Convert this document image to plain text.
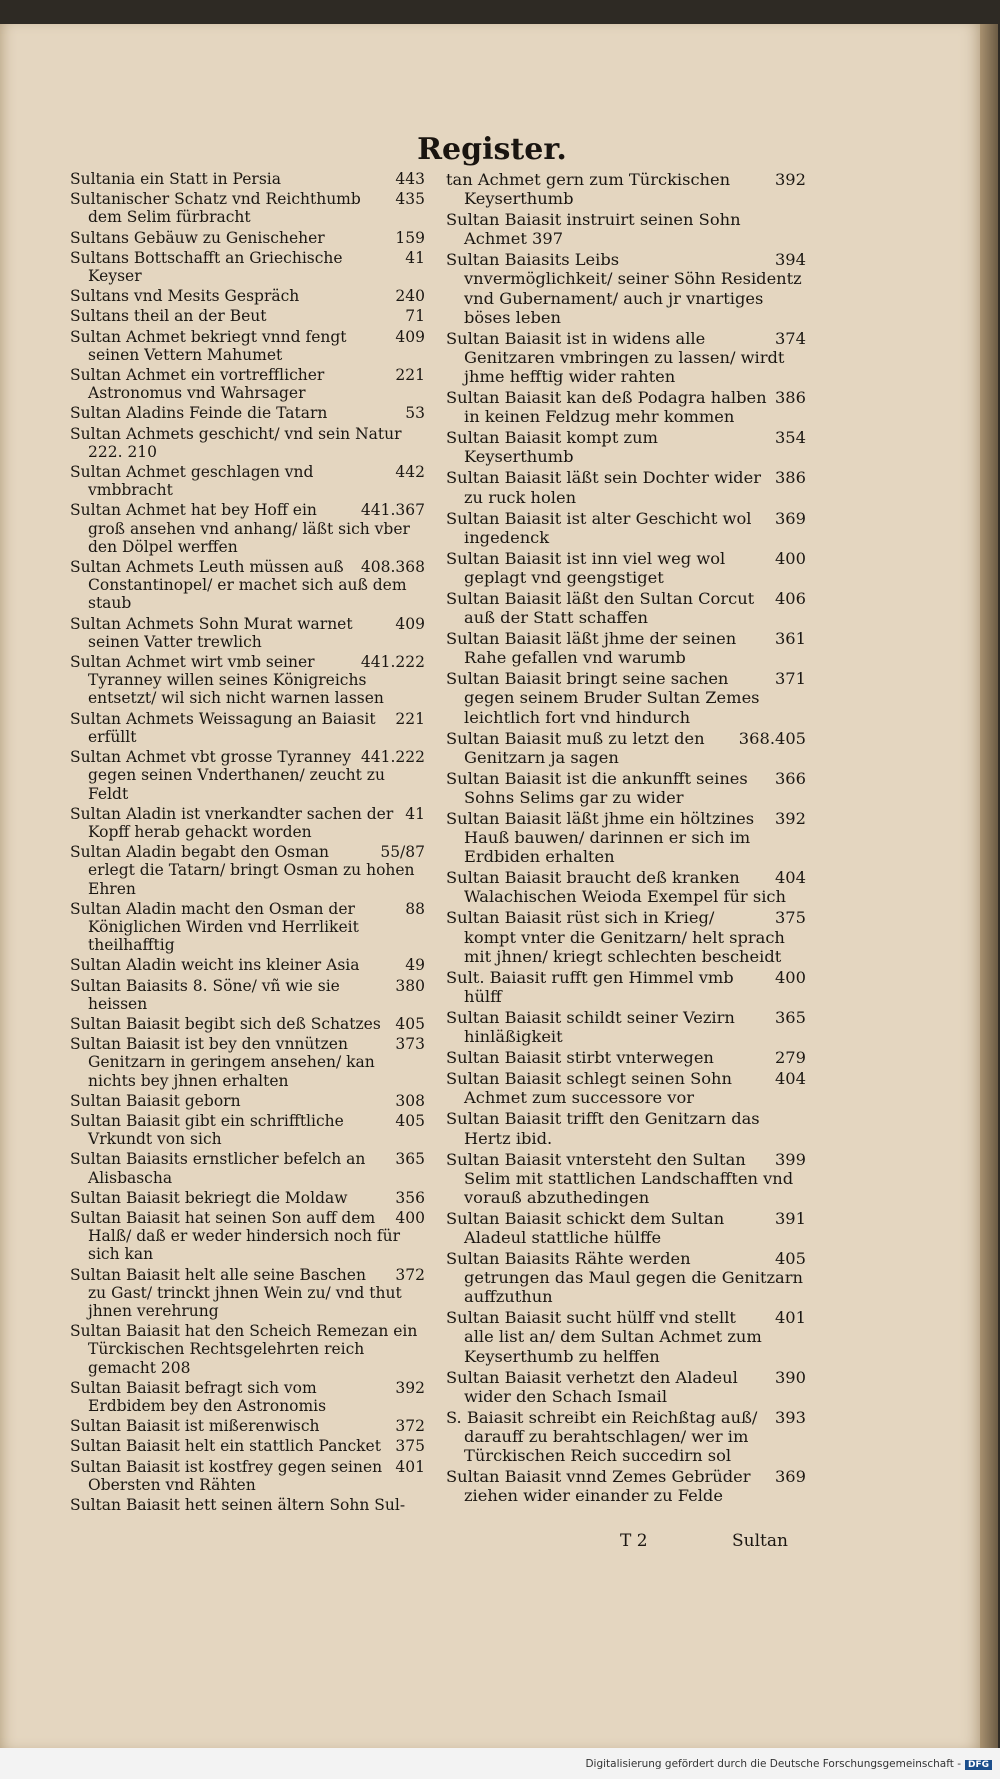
Register.
443
Sultania ein Statt in Persia
435
Sultanischer Schatz vnd Reichthumb dem Selim fürbracht
159
Sultans Gebäuw zu Genischeher
41
Sultans Bottschafft an Griechische Keyser
240
Sultans vnd Mesits Gespräch
71
Sultans theil an der Beut
409
Sultan Achmet bekriegt vnnd fengt seinen Vettern Mahumet
221
Sultan Achmet ein vortrefflicher Astronomus vnd Wahrsager
53
Sultan Aladins Feinde die Tatarn
Sultan Achmets geschicht/ vnd sein Natur 222. 210
442
Sultan Achmet geschlagen vnd vmbbracht
441.367
Sultan Achmet hat bey Hoff ein groß ansehen vnd anhang/ läßt sich vber den Dölpel werffen
408.368
Sultan Achmets Leuth müssen auß Constantinopel/ er machet sich auß dem staub
409
Sultan Achmets Sohn Murat warnet seinen Vatter trewlich
441.222
Sultan Achmet wirt vmb seiner Tyranney willen seines Königreichs entsetzt/ wil sich nicht warnen lassen
221
Sultan Achmets Weissagung an Baiasit erfüllt
441.222
Sultan Achmet vbt grosse Tyranney gegen seinen Vnderthanen/ zeucht zu Feldt
41
Sultan Aladin ist vnerkandter sachen der Kopff herab gehackt worden
55/87
Sultan Aladin begabt den Osman erlegt die Tatarn/ bringt Osman zu hohen Ehren
88
Sultan Aladin macht den Osman der Königlichen Wirden vnd Herrlikeit theilhafftig
49
Sultan Aladin weicht ins kleiner Asia
380
Sultan Baiasits 8. Söne/ vñ wie sie heissen
405
Sultan Baiasit begibt sich deß Schatzes
373
Sultan Baiasit ist bey den vnnützen Genitzarn in geringem ansehen/ kan nichts bey jhnen erhalten
308
Sultan Baiasit geborn
405
Sultan Baiasit gibt ein schrifftliche Vrkundt von sich
365
Sultan Baiasits ernstlicher befelch an Alisbascha
356
Sultan Baiasit bekriegt die Moldaw
400
Sultan Baiasit hat seinen Son auff dem Halß/ daß er weder hindersich noch für sich kan
372
Sultan Baiasit helt alle seine Baschen zu Gast/ trinckt jhnen Wein zu/ vnd thut jhnen verehrung
Sultan Baiasit hat den Scheich Remezan ein Türckischen Rechtsgelehrten reich gemacht 208
392
Sultan Baiasit befragt sich vom Erdbidem bey den Astronomis
372
Sultan Baiasit ist mißerenwisch
375
Sultan Baiasit helt ein stattlich Pancket
401
Sultan Baiasit ist kostfrey gegen seinen Obersten vnd Rähten
Sultan Baiasit hett seinen ältern Sohn Sul-
392
tan Achmet gern zum Türckischen Keyserthumb
Sultan Baiasit instruirt seinen Sohn Achmet 397
394
Sultan Baiasits Leibs vnvermöglichkeit/ seiner Söhn Residentz vnd Gubernament/ auch jr vnartiges böses leben
374
Sultan Baiasit ist in widens alle Genitzaren vmbringen zu lassen/ wirdt jhme hefftig wider rahten
386
Sultan Baiasit kan deß Podagra halben in keinen Feldzug mehr kommen
354
Sultan Baiasit kompt zum Keyserthumb
386
Sultan Baiasit läßt sein Dochter wider zu ruck holen
369
Sultan Baiasit ist alter Geschicht wol ingedenck
400
Sultan Baiasit ist inn viel weg wol geplagt vnd geengstiget
406
Sultan Baiasit läßt den Sultan Corcut auß der Statt schaffen
361
Sultan Baiasit läßt jhme der seinen Rahe gefallen vnd warumb
371
Sultan Baiasit bringt seine sachen gegen seinem Bruder Sultan Zemes leichtlich fort vnd hindurch
368.405
Sultan Baiasit muß zu letzt den Genitzarn ja sagen
366
Sultan Baiasit ist die ankunfft seines Sohns Selims gar zu wider
392
Sultan Baiasit läßt jhme ein höltzines Hauß bauwen/ darinnen er sich im Erdbiden erhalten
404
Sultan Baiasit braucht deß kranken Walachischen Weioda Exempel für sich
375
Sultan Baiasit rüst sich in Krieg/ kompt vnter die Genitzarn/ helt sprach mit jhnen/ kriegt schlechten bescheidt
400
Sult. Baiasit rufft gen Himmel vmb hülff
365
Sultan Baiasit schildt seiner Vezirn hinläßigkeit
279
Sultan Baiasit stirbt vnterwegen
404
Sultan Baiasit schlegt seinen Sohn Achmet zum successore vor
Sultan Baiasit trifft den Genitzarn das Hertz ibid.
399
Sultan Baiasit vntersteht den Sultan Selim mit stattlichen Landschafften vnd vorauß abzuthedingen
391
Sultan Baiasit schickt dem Sultan Aladeul stattliche hülffe
405
Sultan Baiasits Rähte werden getrungen das Maul gegen die Genitzarn auffzuthun
401
Sultan Baiasit sucht hülff vnd stellt alle list an/ dem Sultan Achmet zum Keyserthumb zu helffen
390
Sultan Baiasit verhetzt den Aladeul wider den Schach Ismail
393
S. Baiasit schreibt ein Reichßtag auß/ darauff zu berahtschlagen/ wer im Türckischen Reich succedirn sol
369
Sultan Baiasit vnnd Zemes Gebrüder ziehen wider einander zu Felde
T 2	Sultan
Digitalisierung gefördert durch die Deutsche Forschungsgemeinschaft - DFG
